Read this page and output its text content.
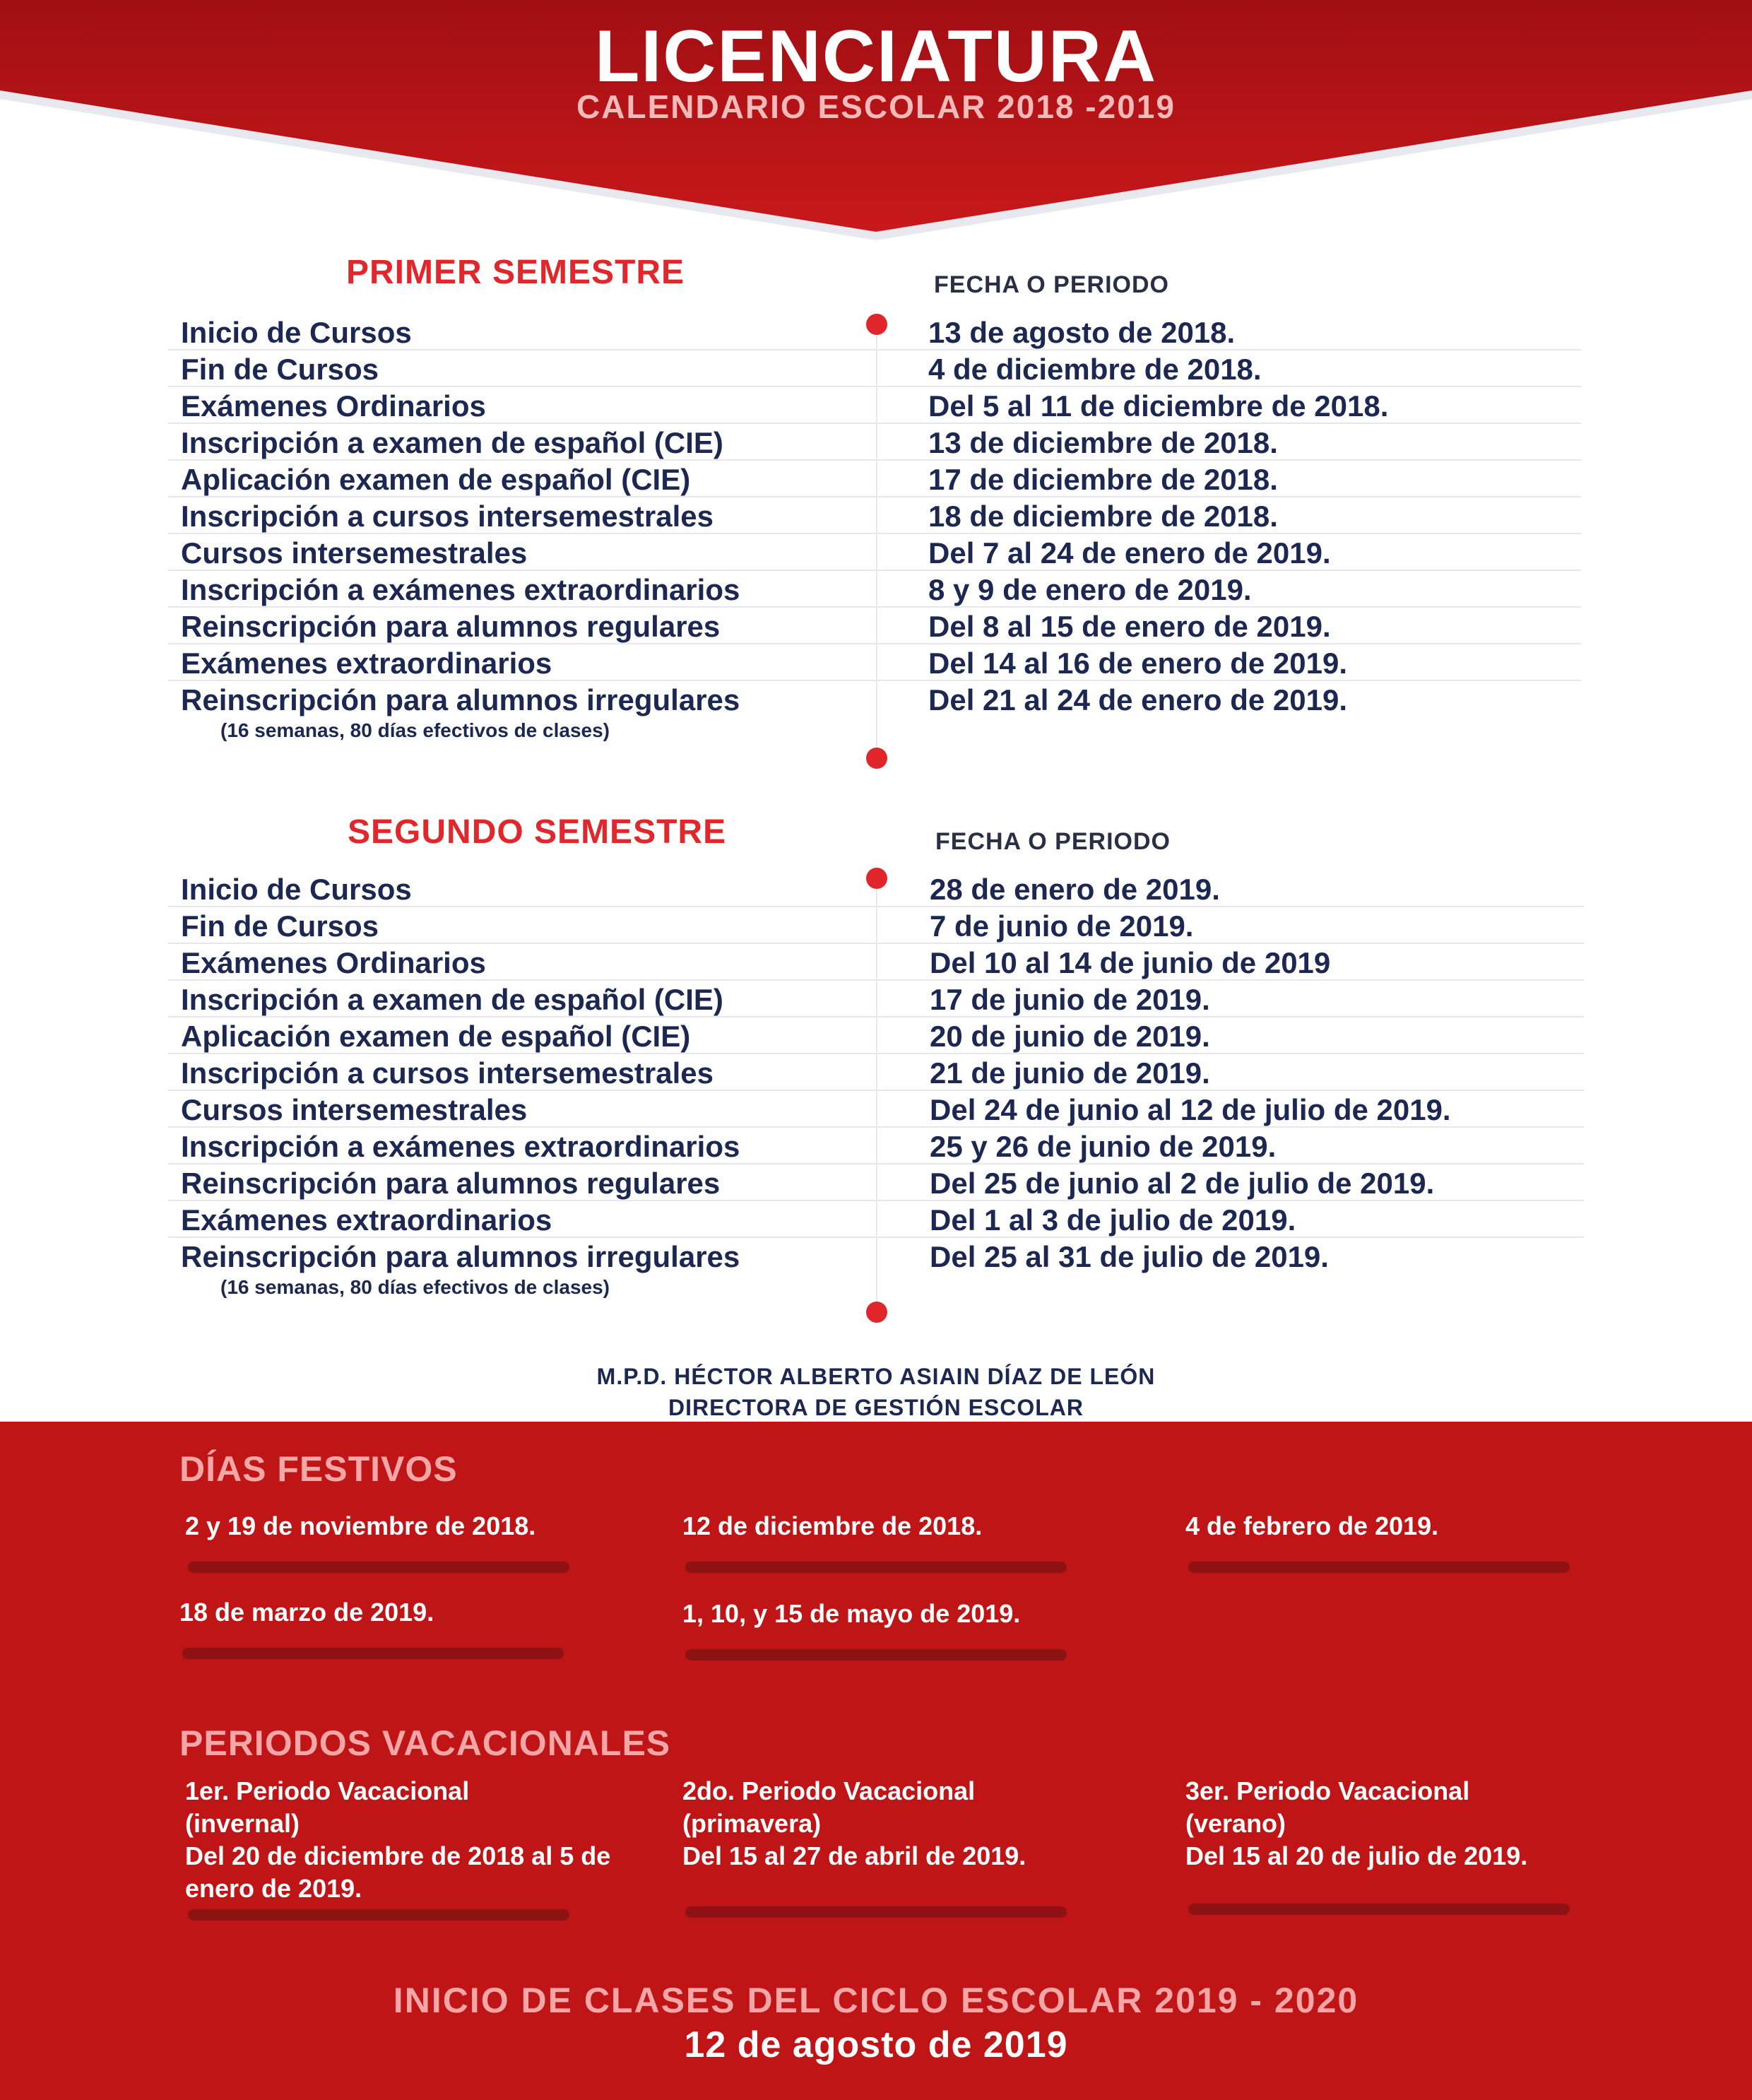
LICENCIATURA
CALENDARIO ESCOLAR 2018 -2019
PRIMER SEMESTRE	FECHA O PERIODO
Inicio de Cursos	13 de agosto de 2018.
Fin de Cursos	4 de diciembre de 2018.
Exámenes Ordinarios	Del 5 al 11 de diciembre de 2018.
Inscripción a examen de español (CIE)	13 de diciembre de 2018.
Aplicación examen de español (CIE)	17 de diciembre de 2018.
Inscripción a cursos intersemestrales	18 de diciembre de 2018.
Cursos intersemestrales	Del 7 al 24 de enero de 2019.
Inscripción a exámenes extraordinarios	8 y 9 de enero de 2019.
Reinscripción para alumnos regulares	Del 8 al 15 de enero de 2019.
Exámenes extraordinarios	Del 14 al 16 de enero de 2019.
Reinscripción para alumnos irregulares	Del 21 al 24 de enero de 2019.
(16 semanas, 80 días efectivos de clases)
SEGUNDO SEMESTRE	FECHA O PERIODO
Inicio de Cursos	28 de enero de 2019.
Fin de Cursos	7 de junio de 2019.
Exámenes Ordinarios	Del 10 al 14 de junio de 2019
Inscripción a examen de español (CIE)	17 de junio de 2019.
Aplicación examen de español (CIE)	20 de junio de 2019.
Inscripción a cursos intersemestrales	21 de junio de 2019.
Cursos intersemestrales	Del 24 de junio al 12 de julio de 2019.
Inscripción a exámenes extraordinarios	25 y 26 de junio de 2019.
Reinscripción para alumnos regulares	Del 25 de junio al 2 de julio de 2019.
Exámenes extraordinarios	Del 1 al 3 de julio de 2019.
Reinscripción para alumnos irregulares	Del 25 al 31 de julio de 2019.
(16 semanas, 80 días efectivos de clases)
M.P.D. HÉCTOR ALBERTO ASIAIN DÍAZ DE LEÓN
DIRECTORA DE GESTIÓN ESCOLAR
DÍAS FESTIVOS
2 y 19 de noviembre de 2018.	12 de diciembre de 2018.	4 de febrero de 2019.
18 de marzo de 2019.	1, 10, y 15 de mayo de 2019.
PERIODOS VACACIONALES
1er. Periodo Vacacional
(invernal)
Del 20 de diciembre de 2018 al 5 de enero de 2019.
2do. Periodo Vacacional
(primavera)
Del 15 al 27 de abril de 2019.
3er. Periodo Vacacional
(verano)
Del 15 al 20 de julio de 2019.
INICIO DE CLASES DEL CICLO ESCOLAR 2019 - 2020
12 de agosto de 2019
